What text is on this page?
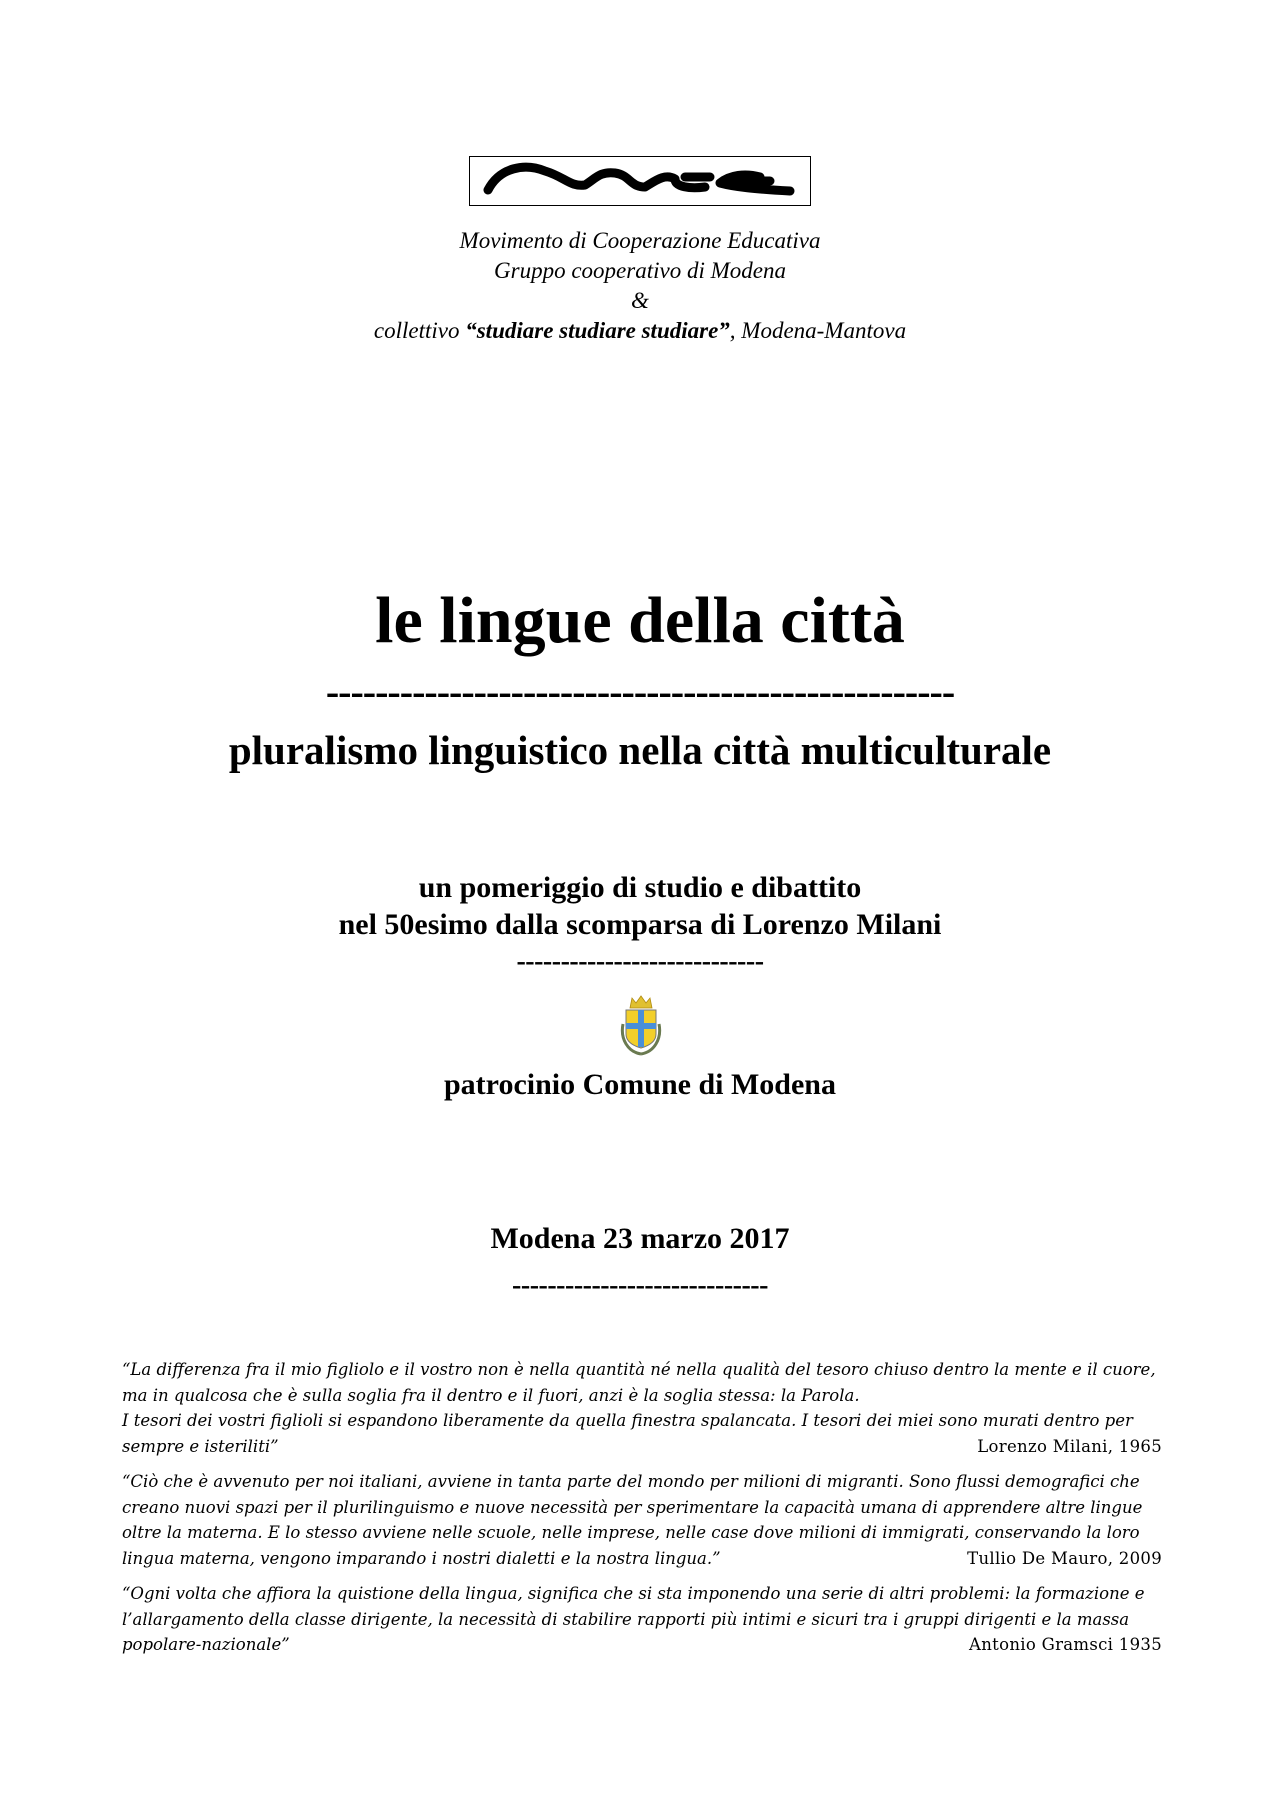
Movimento di Cooperazione Educativa
Gruppo cooperativo di Modena
&
collettivo “studiare studiare studiare”, Modena-Mantova
le lingue della città
---------------------------------------------------
pluralismo linguistico nella città multiculturale
un pomeriggio di studio e dibattito
nel 50esimo dalla scomparsa di Lorenzo Milani
----------------------------
patrocinio Comune di Modena
Modena 23 marzo 2017
-----------------------------
“La differenza fra il mio figliolo e il vostro non è nella quantità né nella qualità del tesoro chiuso dentro la mente e il cuore, ma in qualcosa che è sulla soglia fra il dentro e il fuori, anzi è la soglia stessa: la Parola.
I tesori dei vostri figlioli si espandono liberamente da quella finestra spalancata. I tesori dei miei sono murati dentro per sempre e isteriliti”	Lorenzo Milani, 1965
“Ciò che è avvenuto per noi italiani, avviene in tanta parte del mondo per milioni di migranti. Sono flussi demografici che creano nuovi spazi per il plurilinguismo e nuove necessità per sperimentare la capacità umana di apprendere altre lingue oltre la materna. E lo stesso avviene nelle scuole, nelle imprese, nelle case dove milioni di immigrati, conservando la loro lingua materna, vengono imparando i nostri dialetti e la nostra lingua.”	Tullio De Mauro, 2009
“Ogni volta che affiora la quistione della lingua, significa che si sta imponendo una serie di altri problemi: la formazione e l’allargamento della classe dirigente, la necessità di stabilire rapporti più intimi e sicuri tra i gruppi dirigenti e la massa popolare-nazionale”	Antonio Gramsci 1935
